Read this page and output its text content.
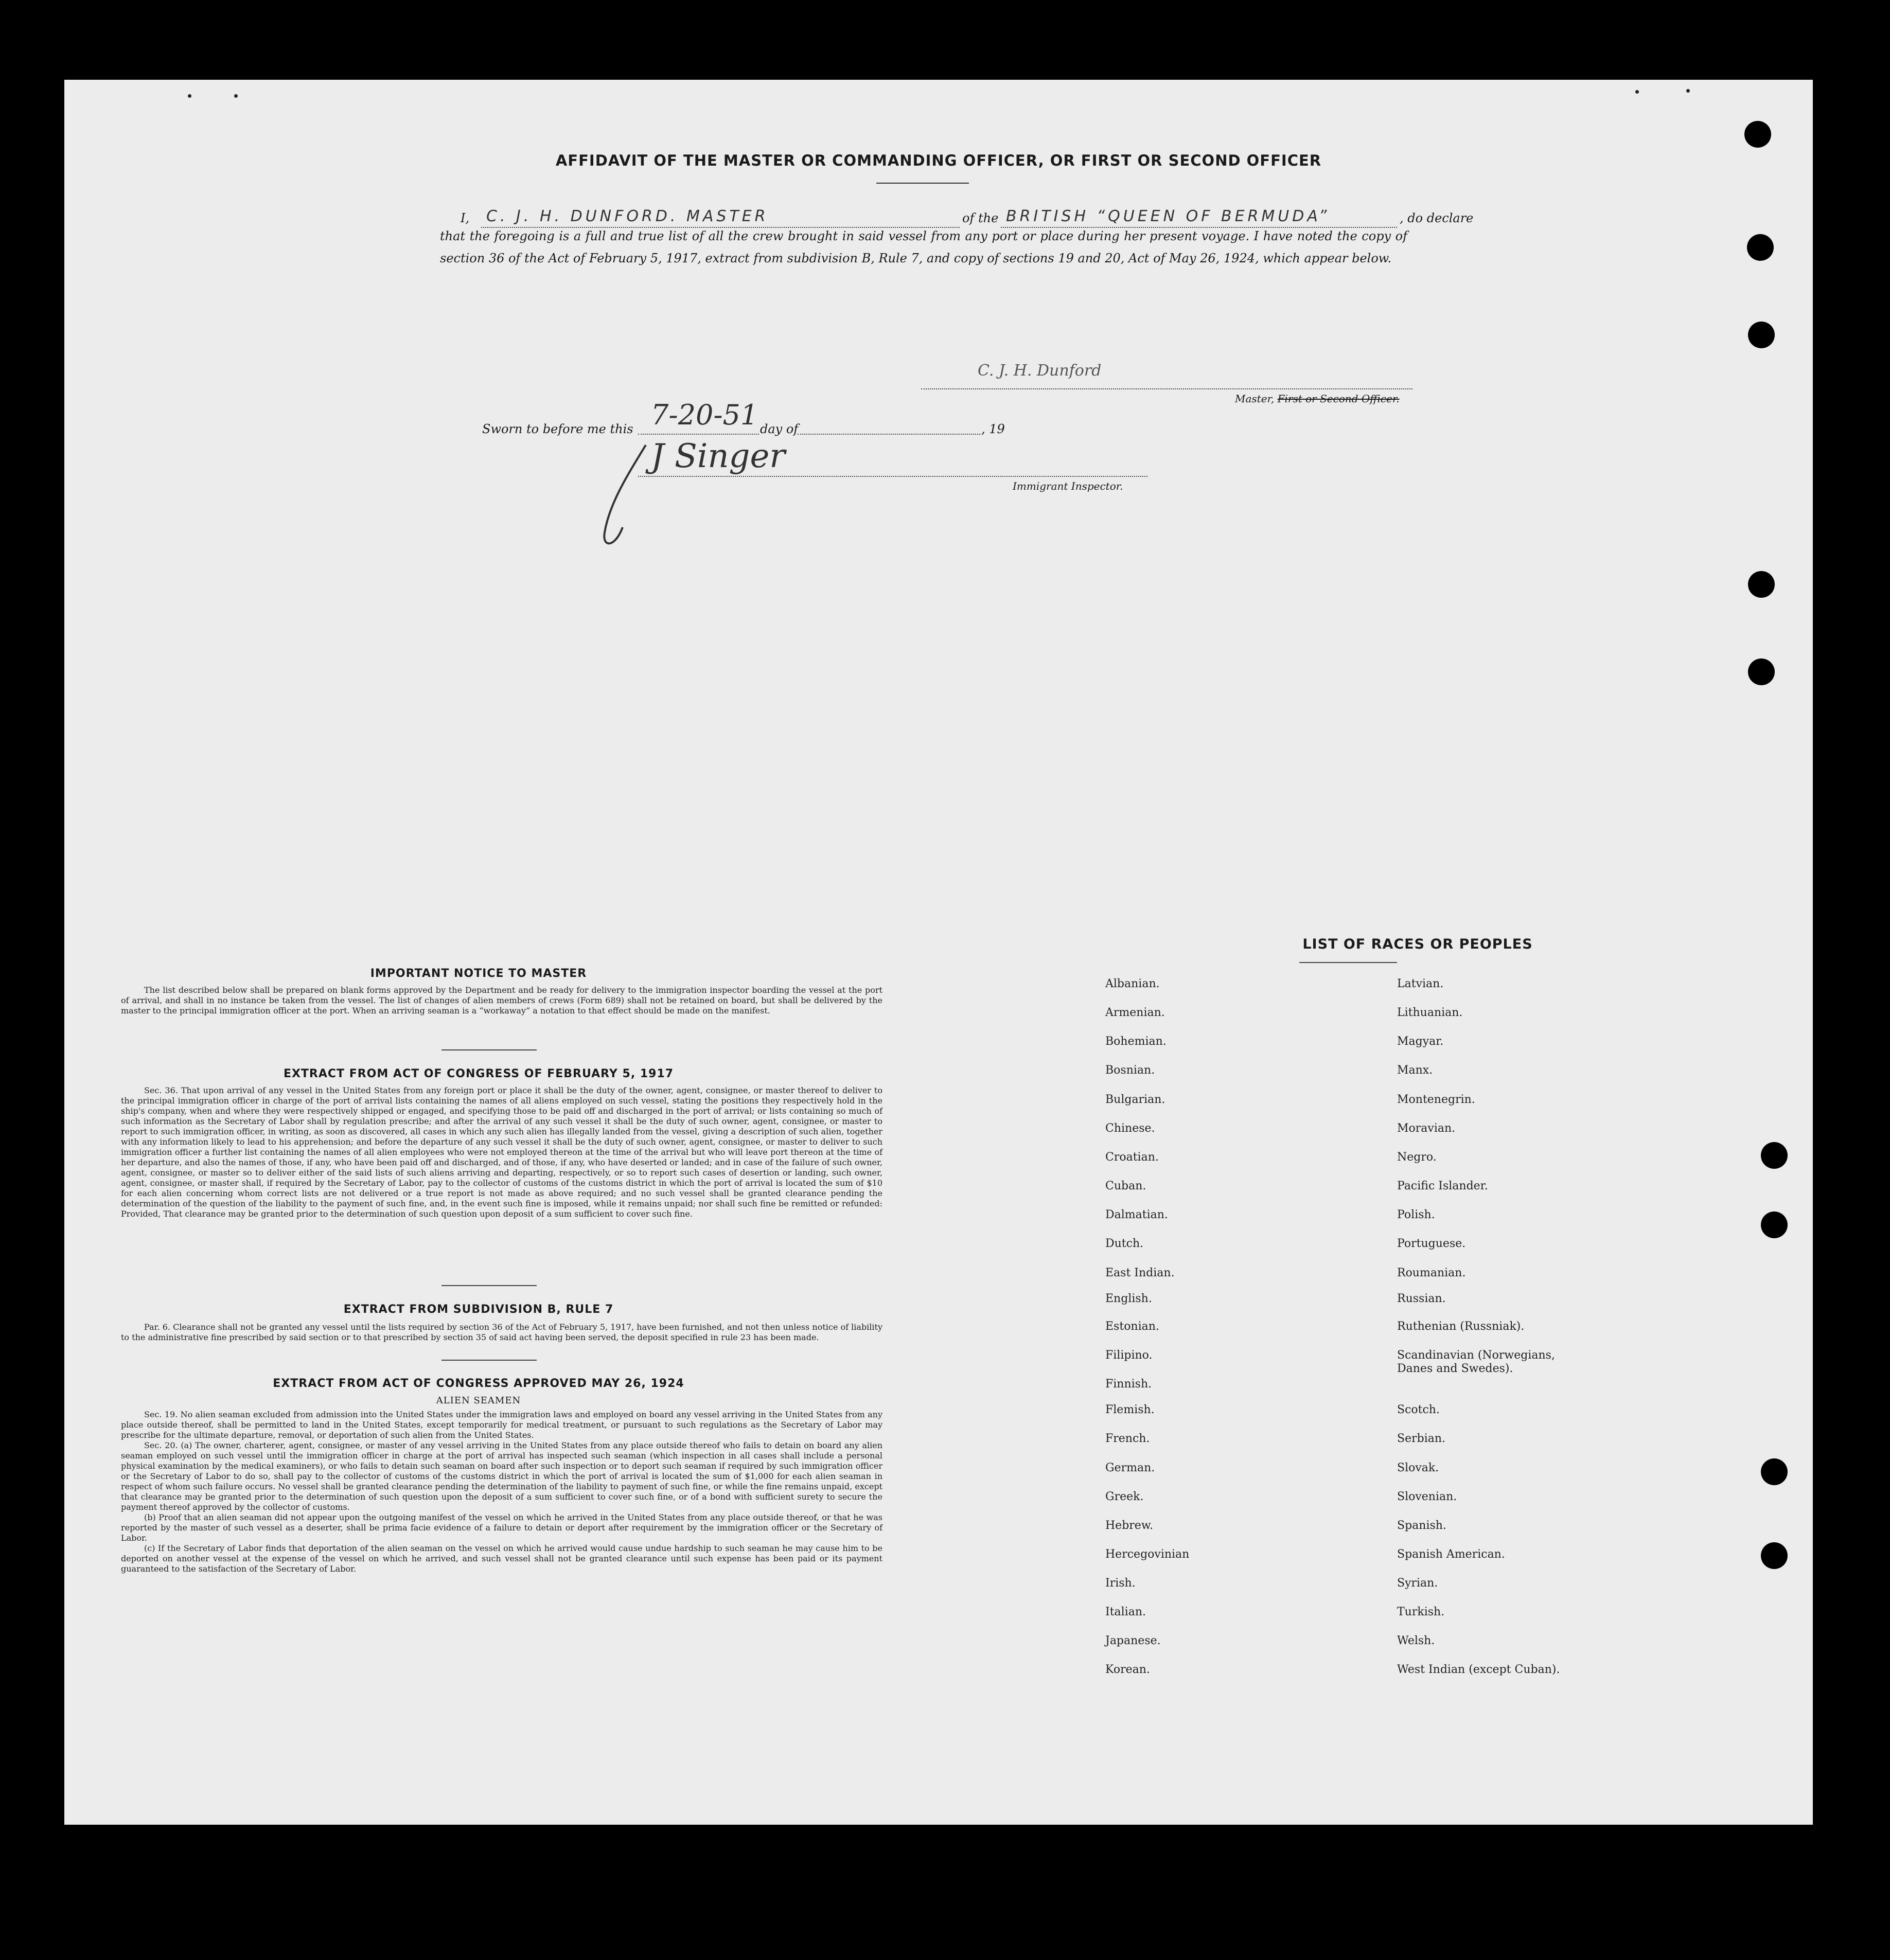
AFFIDAVIT OF THE MASTER OR COMMANDING OFFICER, OR FIRST OR SECOND OFFICER
I, C. J. H. DUNFORD. MASTER	of the BRITISH “QUEEN OF BERMUDA”	, do declare
that the foregoing is a full and true list of all the crew brought in said vessel from any port or place during her present voyage. I have noted the copy of section 36 of the Act of February 5, 1917, extract from subdivision B, Rule 7, and copy of sections 19 and 20, Act of May 26, 1924, which appear below.
C. J. H. Dunford
Master, First or Second Officer.
Sworn to before me this 7-20-51 day of	, 19
J Singer
Immigrant Inspector.
IMPORTANT NOTICE TO MASTER

The list described below shall be prepared on blank forms approved by the Department and be ready for delivery to the immigration inspector boarding the vessel at the port of arrival, and shall in no instance be taken from the vessel. The list of changes of alien members of crews (Form 689) shall not be retained on board, but shall be delivered by the master to the principal immigration officer at the port. When an arriving seaman is a “workaway” a notation to that effect should be made on the manifest.

EXTRACT FROM ACT OF CONGRESS OF FEBRUARY 5, 1917

Sec. 36. That upon arrival of any vessel in the United States from any foreign port or place it shall be the duty of the owner, agent, consignee, or master thereof to deliver to the principal immigration officer in charge of the port of arrival lists containing the names of all aliens employed on such vessel, stating the positions they respectively hold in the ship's company, when and where they were respectively shipped or engaged, and specifying those to be paid off and discharged in the port of arrival; or lists containing so much of such information as the Secretary of Labor shall by regulation prescribe; and after the arrival of any such vessel it shall be the duty of such owner, agent, consignee, or master to report to such immigration officer, in writing, as soon as discovered, all cases in which any such alien has illegally landed from the vessel, giving a description of such alien, together with any information likely to lead to his apprehension; and before the departure of any such vessel it shall be the duty of such owner, agent, consignee, or master to deliver to such immigration officer a further list containing the names of all alien employees who were not employed thereon at the time of the arrival but who will leave port thereon at the time of her departure, and also the names of those, if any, who have been paid off and discharged, and of those, if any, who have deserted or landed; and in case of the failure of such owner, agent, consignee, or master so to deliver either of the said lists of such aliens arriving and departing, respectively, or so to report such cases of desertion or landing, such owner, agent, consignee, or master shall, if required by the Secretary of Labor, pay to the collector of customs of the customs district in which the port of arrival is located the sum of $10 for each alien concerning whom correct lists are not delivered or a true report is not made as above required; and no such vessel shall be granted clearance pending the determination of the question of the liability to the payment of such fine, and, in the event such fine is imposed, while it remains unpaid; nor shall such fine be remitted or refunded: Provided, That clearance may be granted prior to the determination of such question upon deposit of a sum sufficient to cover such fine.

EXTRACT FROM SUBDIVISION B, RULE 7

Par. 6. Clearance shall not be granted any vessel until the lists required by section 36 of the Act of February 5, 1917, have been furnished, and not then unless notice of liability to the administrative fine prescribed by said section or to that prescribed by section 35 of said act having been served, the deposit specified in rule 23 has been made.

EXTRACT FROM ACT OF CONGRESS APPROVED MAY 26, 1924
ALIEN SEAMEN

Sec. 19. No alien seaman excluded from admission into the United States under the immigration laws and employed on board any vessel arriving in the United States from any place outside thereof, shall be permitted to land in the United States, except temporarily for medical treatment, or pursuant to such regulations as the Secretary of Labor may prescribe for the ultimate departure, removal, or deportation of such alien from the United States.

Sec. 20. (a) The owner, charterer, agent, consignee, or master of any vessel arriving in the United States from any place outside thereof who fails to detain on board any alien seaman employed on such vessel until the immigration officer in charge at the port of arrival has inspected such seaman (which inspection in all cases shall include a personal physical examination by the medical examiners), or who fails to detain such seaman on board after such inspection or to deport such seaman if required by such immigration officer or the Secretary of Labor to do so, shall pay to the collector of customs of the customs district in which the port of arrival is located the sum of $1,000 for each alien seaman in respect of whom such failure occurs. No vessel shall be granted clearance pending the determination of the liability to payment of such fine, or while the fine remains unpaid, except that clearance may be granted prior to the determination of such question upon the deposit of a sum sufficient to cover such fine, or of a bond with sufficient surety to secure the payment thereof approved by the collector of customs.

(b) Proof that an alien seaman did not appear upon the outgoing manifest of the vessel on which he arrived in the United States from any place outside thereof, or that he was reported by the master of such vessel as a deserter, shall be prima facie evidence of a failure to detain or deport after requirement by the immigration officer or the Secretary of Labor.

(c) If the Secretary of Labor finds that deportation of the alien seaman on the vessel on which he arrived would cause undue hardship to such seaman he may cause him to be deported on another vessel at the expense of the vessel on which he arrived, and such vessel shall not be granted clearance until such expense has been paid or its payment guaranteed to the satisfaction of the Secretary of Labor.

LIST OF RACES OR PEOPLES
Albanian.
Armenian.
Bohemian.
Bosnian.
Bulgarian.
Chinese.
Croatian.
Cuban.
Dalmatian.
Dutch.
East Indian.
English.
Estonian.
Filipino.
Finnish.
Flemish.
French.
German.
Greek.
Hebrew.
Hercegovinian
Irish.
Italian.
Japanese.
Korean.
Latvian.
Lithuanian.
Magyar.
Manx.
Montenegrin.
Moravian.
Negro.
Pacific Islander.
Polish.
Portuguese.
Roumanian.
Russian.
Ruthenian (Russniak).
Scandinavian (Norwegians, Danes and Swedes).
Scotch.
Serbian.
Slovak.
Slovenian.
Spanish.
Spanish American.
Syrian.
Turkish.
Welsh.
West Indian (except Cuban).
